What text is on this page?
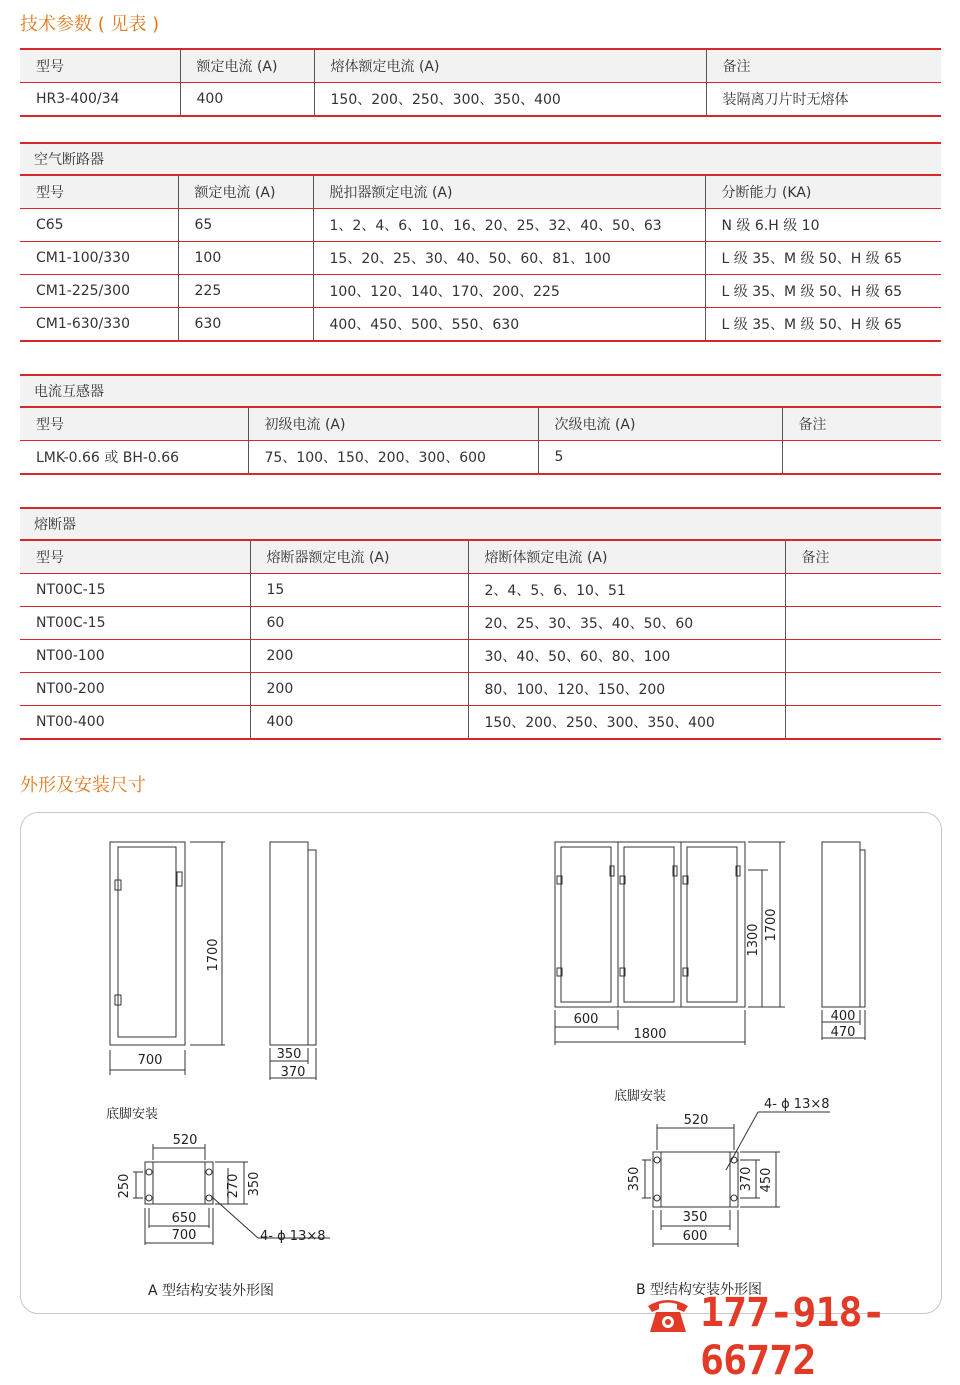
技术参数 ( 见表 )
型号	额定电流 (A)	熔体额定电流 (A)	备注
HR3-400/34	400	150、200、250、300、350、400	装隔离刀片时无熔体
空气断路器			
型号	额定电流 (A)	脱扣器额定电流 (A)	分断能力 (KA)
C65	65	1、2、4、6、10、16、20、25、32、40、50、63	N 级 6.H 级 10
CM1-100/330	100	15、20、25、30、40、50、60、81、100	L 级 35、M 级 50、H 级 65
CM1-225/300	225	100、120、140、170、200、225	L 级 35、M 级 50、H 级 65
CM1-630/330	630	400、450、500、550、630	L 级 35、M 级 50、H 级 65
电流互感器			
型号	初级电流 (A)	次级电流 (A)	备注
LMK-0.66 或 BH-0.66	75、100、150、200、300、600	5	
熔断器			
型号	熔断器额定电流 (A)	熔断体额定电流 (A)	备注
NT00C-15	15	2、4、5、6、10、51	
NT00C-15	60	20、25、30、35、40、50、60	
NT00-100	200	30、40、50、60、80、100	
NT00-200	200	80、100、120、150、200	
NT00-400	400	150、200、250、300、350、400	
外形及安装尺寸
1700
700	350
370
底脚安装
520
250	270 350
650
700	4- ϕ 13×8
1700
1300
600
1800
400
470
底脚安装
4- ϕ 13×8
520
350	370 450
350
600
A 型结构安装外形图	B 型结构安装外形图
177-918-66772
